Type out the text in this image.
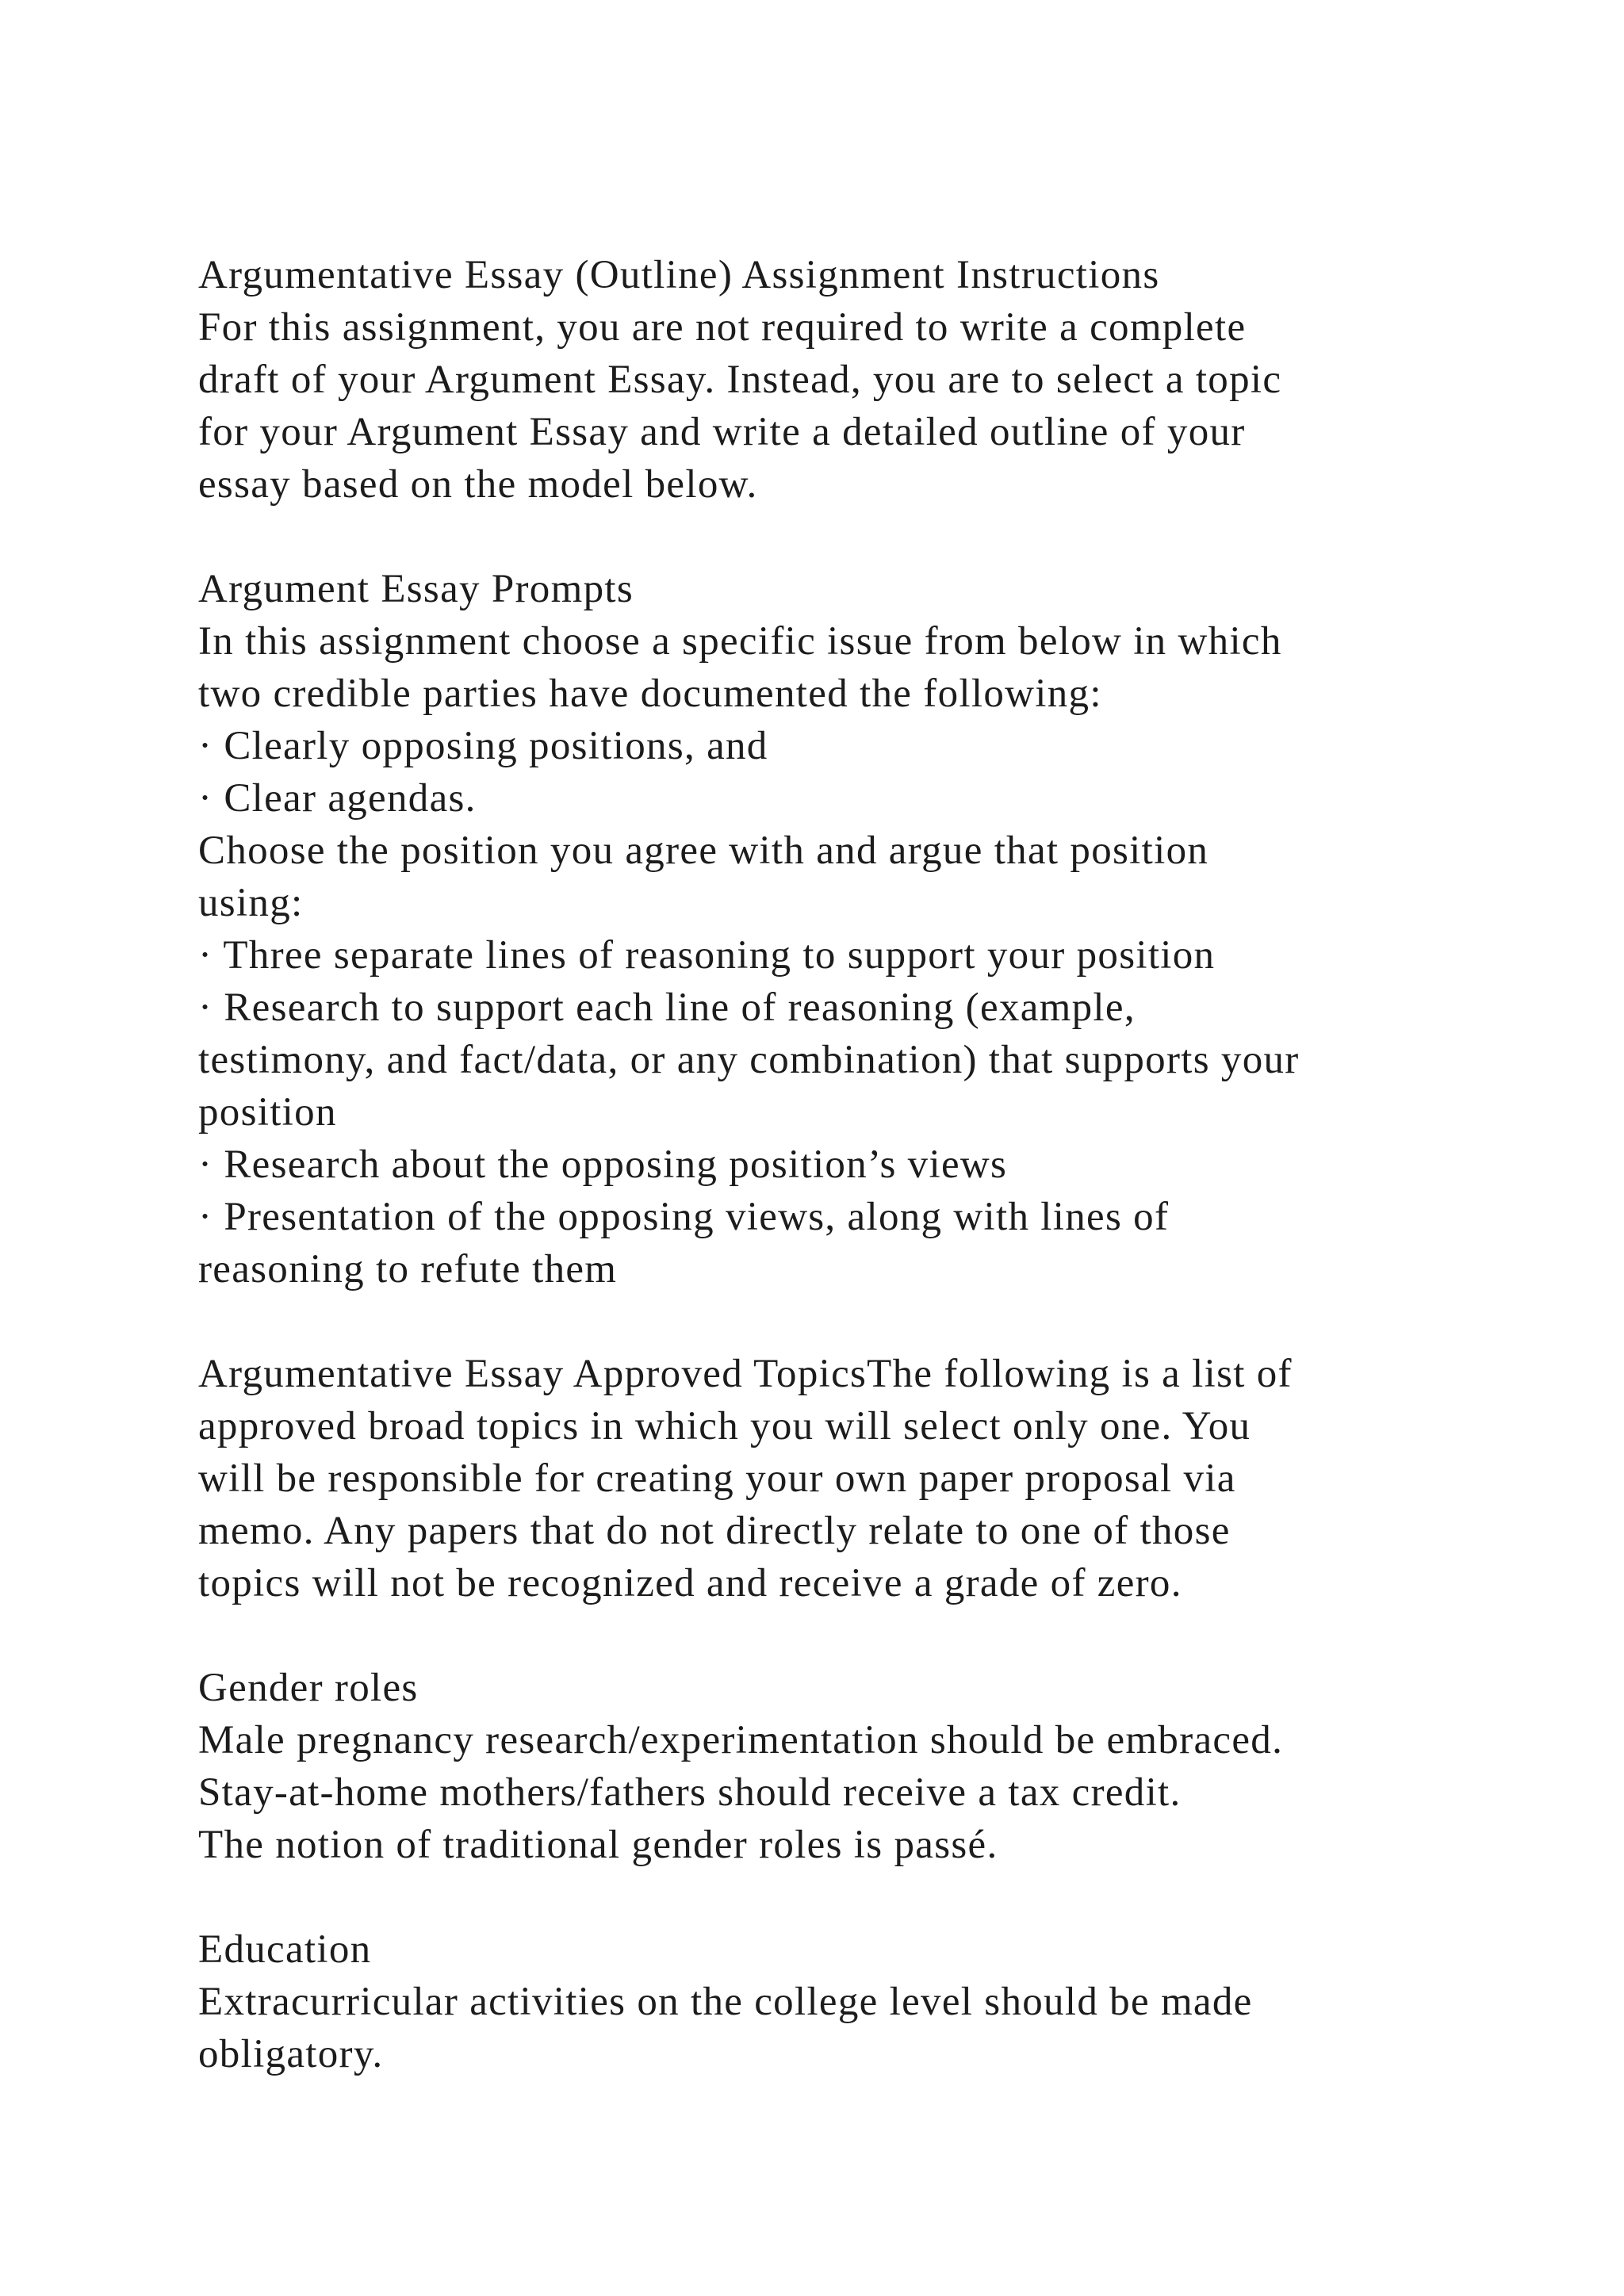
Argumentative Essay (Outline) Assignment Instructions
For this assignment, you are not required to write a complete
draft of your Argument Essay. Instead, you are to select a topic
for your Argument Essay and write a detailed outline of your
essay based on the model below.
Argument Essay Prompts
In this assignment choose a specific issue from below in which
two credible parties have documented the following:
· Clearly opposing positions, and
· Clear agendas.
Choose the position you agree with and argue that position
using:
· Three separate lines of reasoning to support your position
· Research to support each line of reasoning (example,
testimony, and fact/data, or any combination) that supports your
position
· Research about the opposing position’s views
· Presentation of the opposing views, along with lines of
reasoning to refute them
Argumentative Essay Approved TopicsThe following is a list of
approved broad topics in which you will select only one. You
will be responsible for creating your own paper proposal via
memo. Any papers that do not directly relate to one of those
topics will not be recognized and receive a grade of zero.
Gender roles
Male pregnancy research/experimentation should be embraced.
Stay-at-home mothers/fathers should receive a tax credit.
The notion of traditional gender roles is passé.
Education
Extracurricular activities on the college level should be made
obligatory.
